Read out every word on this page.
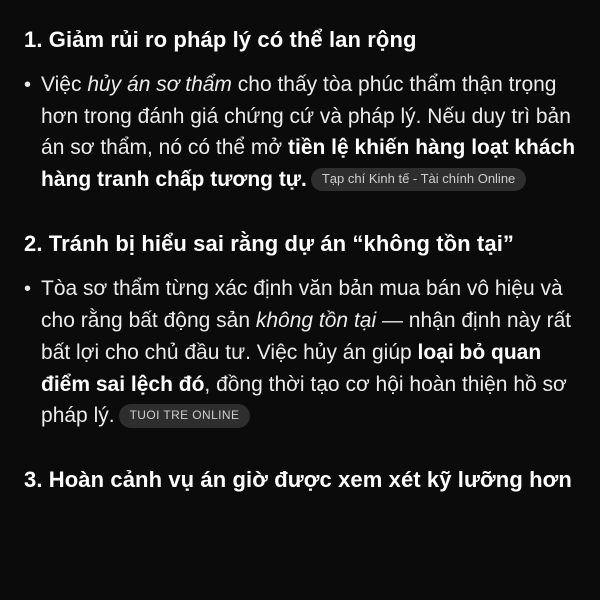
1. Giảm rủi ro pháp lý có thể lan rộng
• Việc hủy án sơ thẩm cho thấy tòa phúc thẩm thận trọng hơn trong đánh giá chứng cứ và pháp lý. Nếu duy trì bản án sơ thẩm, nó có thể mở tiền lệ khiến hàng loạt khách hàng tranh chấp tương tự. Tạp chí Kinh tế - Tài chính Online

2. Tránh bị hiểu sai rằng dự án “không tồn tại”
• Tòa sơ thẩm từng xác định văn bản mua bán vô hiệu và cho rằng bất động sản không tồn tại — nhận định này rất bất lợi cho chủ đầu tư. Việc hủy án giúp loại bỏ quan điểm sai lệch đó, đồng thời tạo cơ hội hoàn thiện hồ sơ pháp lý. TUOI TRE ONLINE

3. Hoàn cảnh vụ án giờ được xem xét kỹ lưỡng hơn
